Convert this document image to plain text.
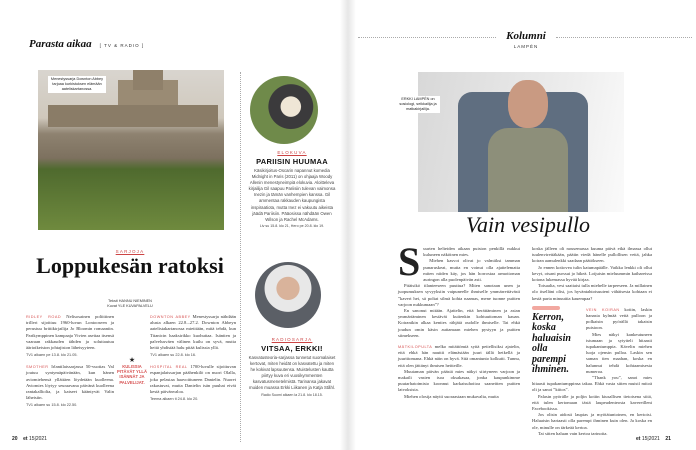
Parasta aikaa [ TV & RADIO ]
Menestyssarja Downton Abbey tarjoaa kurkistuksen elämään aateliskartanossa.
SARJOJA
Loppukesän ratoksi
Teksti HANNU NIEMINEN
Kuvat YLE KUVAPALVELU

RIDLEY ROAD Nelisosainen poliittinen trilleri sijoittuu 1960-luvun Lontooseen ja perustuu brittikirjailija Jo Bloomin romaaniin. Parikymppinen kampaaja Vivien asettaa itsensä vaaraan rakkauden tähden ja soluttautuu äärioikeiston johtajiston läheisyyteen.

TV1 alkaen pe 13.8. klo 21.05.

SMOTHER Irlantilaissarjassa 50-vuotias Val joutuu syntymäpäivänään, kun hänen aviomiehensä yllättäen löydetään kuolleena. Aviomies löytyy seuraavana päivänä kuolleena rantakalliolta, ja katseet kääntyvät Valin läheisiin.

TV1 alkaen su 15.8. klo 22.50.

DOWNTON ABBEY Menestyssarja nähdään alusta alkaen 22.8.–27.2. Downton Abbeyn aatelistakartanossa mietitään, mitä tehdä, kun Titanicin haaksirikko kuohuttaa. Isäntien ja palvelusväen välinen kuilu on syvä, mutta heitä yhdistää halu pitää kulissia yllä.

TV1 alkaen su 22.8. klo 16.

HOSPITAL REAL 1700-luvulle sijoittuvan espanjalaissarjan päähenkilö on nuori Olalla, joka pelastaa haavoittuneen Danielin. Nuoret rakastuvat, mutta Danielin isän puuhat eivät kestä päivänvaloa.

Teema alkaen ti 24.8. klo 20.
★
KULISSIA PITÄVÄT YLLÄ ISÄNNÄT JA PALVELIJAT.
ELOKUVA
PARIISIN HUUMAA

Käsikirjoitus-Oscarin napannut komedia Midnight in Paris (2011) on ohjaaja Woody Allenin menestyneimpiä elokuvia. Aloitteleva kirjailija Gil saapuu Pariisiin tulevan vaimonsa Inezin ja tämän vanhempien kanssa. Gil ammentaa rakkauden kaupungista inspiraatiota, mutta Inez ei vakuutu aikeista jäädä Pariisiin. Pääosissa nähdään Owen Wilson ja Rachel McAdams.

Liv su 15.8. klo 21, Hero pe 20.8. klo 19.

RADIOSARJA
VITSAA, ERKKI!

Kasvatusteoria-sarjassa tunnetut suomalaiset kertovat, miten heidät on kasvatettu ja miten he kokivat lapsuutensa. Muistelusten kautta piirtyy kuva eri vuosikymmenten kasvatusmenetelmistä. Tarinansa jakavat muiden muassa Erkki Liikanen ja Katja Ståhl.

Radio Suomi alkaen la 21.8. klo 18.15.

20 et 15|2021
Kolumni
LAMPÉN
ERKKI LAMPÉN on sosiologi, seikkailija ja matkakirjailija.
Vain vesipullo
S uurten helteiden aikaan puiston penkillä nukkui kuluneen näköinen mies.

Miehen kasvot olivat jo valmiiksi tamman punaruskeat, mutta en voinut olla ajattelematta miten niiden käy, jos hän horrostaa armottoman auringon alla puolenpäivän asti.

Pitäisikö tilanteeseen puuttua? Miten sanotaan unen ja juopumuksen syvyyksiin vaipuneelle ihmiselle ymmärrettävästi ”kaveri hei, sä poltat silmä kohta naamas, mene tuonne puitten varjoon nukkumaan”?

En sanonut mitään. Ajattelin, että herättäminen ja asian ymmärtäminen kestävät kuitenkin kohtuuttoman kauan. Koiranikin alkaa kenties rähjätä oudolle ihmiselle. Tai ehkä joudun omin käsin auttamaan miehen pystyyn ja puitten siimekseen.

MÄTKILOPULTA melko mitättömiä syitä petiellisiksi ajatelin, että ehkä hän nauttii elämästään juuri tällä hetkellä ja juurittomana. Ehkä näin on hyvä. Sitä omantunto kolkutti. Tunnu, että olen jättänyt ihmisen heitteille.

Muutaman päivän päästä mies näkyi siirtyneen varjoon ja makaili vasten isoa oksakasaa, jonka kaupunkimme puutarhatoimisto koonnut karkaisuhoitoa saaneitten puitten latvoksista.

Miehen olosija näytti suoraastaan mukavalta, mutta

koska jälleen oli nousemassa kuuma päivä eikä ilmassa ollut tuulenvirettäkään, päätin viedä hänelle pullollisen vettä, jahka koiran aamulenkki saadaan päätökseen.

Jo ennen kotiovea tulin katumapäälle. Vaikka lenkki oli ollut kevyt, otsani purssui jo hikeä. Loijuisin mieluummin kaihareissa kotona lukemassa hyvää kirjaa.

Toisaalta, vesi saattaisi tulla miehelle tarpeeseen. Ja millainen olo itselläni olisi, jos hyväntahtoisuuteni vähäisesta kohtaan ei kestä parta minuuttia kauempaa?

Kerron, koska haluaisin olla parempi ihminen.

VEIN KOIRAN kotiin, laskin hanasta kylmää vettä pulloon ja polkaisin pyörällä takaisin puistoon.

Mies näkyi kankeutuneen istumaan ja sytytteli hitaasti tupakantumppia. Kävelin miehen luoja ojensin pulloa. Laskin sen saman tien maahan, koska en halunnut tehdä kohtaamisesta numeroa.

”Thank you”, sanoi mies hitaasti tupakantumppinsa takaa. Ehkä vasta sitten muistí mitoä oli ja sanoi ”kiitos”.

Palasin pyörälle ja poljin kotiin kiusallisen tietoisena siitä, että tulen kertomaan tästä laupeudenteosta kavereilleni Facebookissa.

Jos olisin aidosti laupias ja myötätuntoinen, en kertoisi. Haluaisin hartaasti olla parempi ihminen kuin olen. Ja koska en ole, minulle on tärkeää kertoa.

Tai sitten haluan vain kertoa tarinoita.

et 15|2021 21
